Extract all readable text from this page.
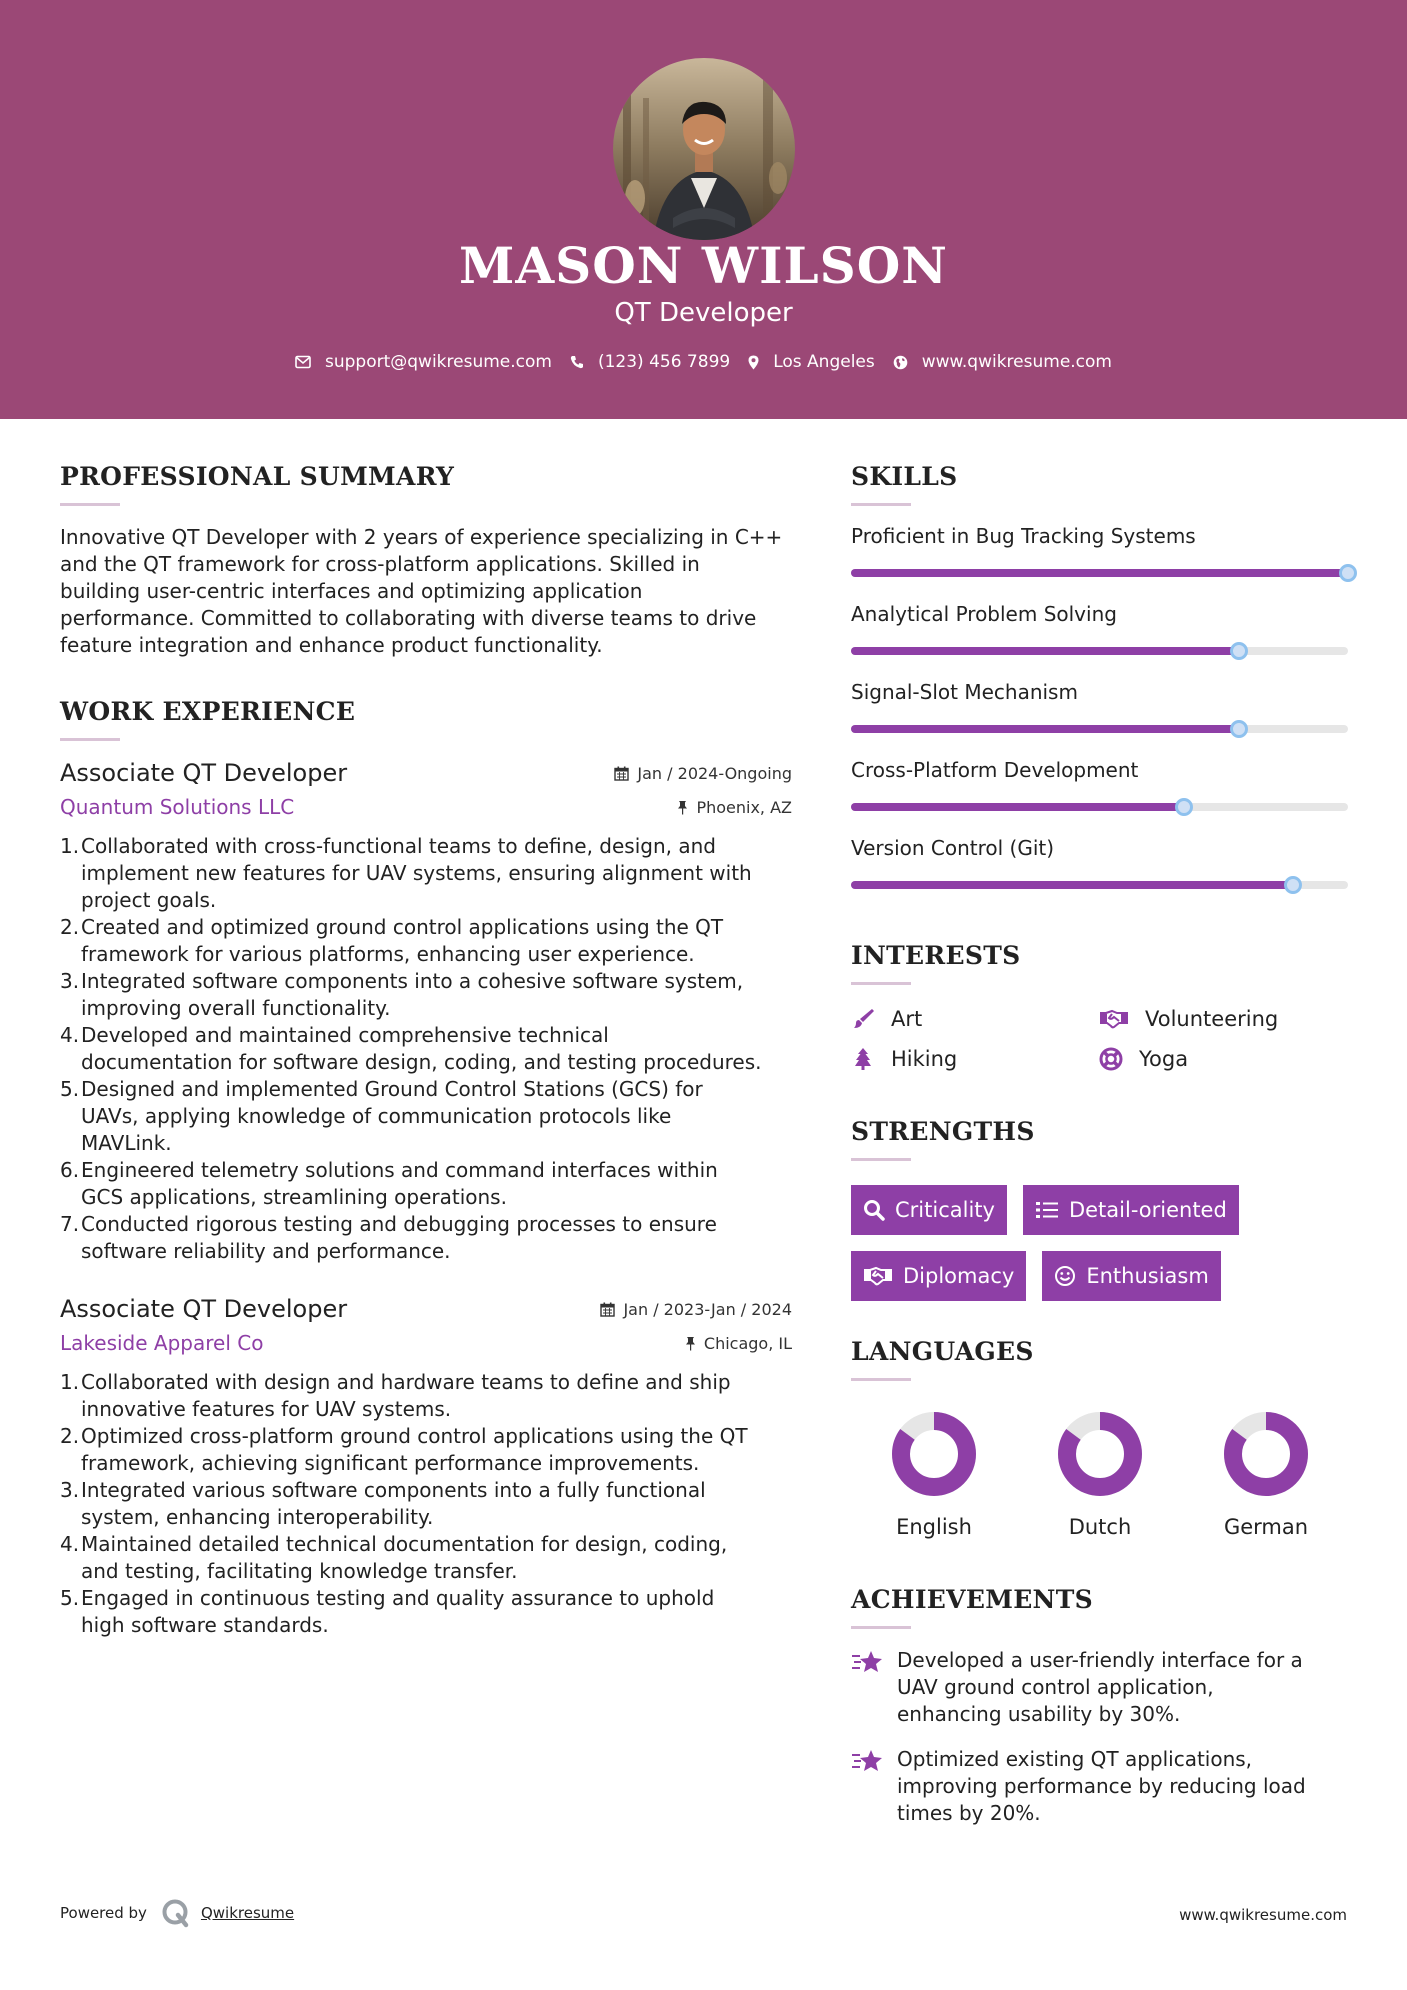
MASON WILSON
QT Developer
support@qwikresume.com	(123) 456 7899	Los Angeles	www.qwikresume.com
PROFESSIONAL SUMMARY
Innovative QT Developer with 2 years of experience specializing in C++
and the QT framework for cross-platform applications. Skilled in
building user-centric interfaces and optimizing application
performance. Committed to collaborating with diverse teams to drive
feature integration and enhance product functionality.
WORK EXPERIENCE
Associate QT Developer	Jan / 2024-Ongoing
Quantum Solutions LLC	Phoenix, AZ
1. Collaborated with cross-functional teams to define, design, and
implement new features for UAV systems, ensuring alignment with
project goals.
2. Created and optimized ground control applications using the QT
framework for various platforms, enhancing user experience.
3. Integrated software components into a cohesive software system,
improving overall functionality.
4. Developed and maintained comprehensive technical
documentation for software design, coding, and testing procedures.
5. Designed and implemented Ground Control Stations (GCS) for
UAVs, applying knowledge of communication protocols like
MAVLink.
6. Engineered telemetry solutions and command interfaces within
GCS applications, streamlining operations.
7. Conducted rigorous testing and debugging processes to ensure
software reliability and performance.
Associate QT Developer	Jan / 2023-Jan / 2024
Lakeside Apparel Co	Chicago, IL
1. Collaborated with design and hardware teams to define and ship
innovative features for UAV systems.
2. Optimized cross-platform ground control applications using the QT
framework, achieving significant performance improvements.
3. Integrated various software components into a fully functional
system, enhancing interoperability.
4. Maintained detailed technical documentation for design, coding,
and testing, facilitating knowledge transfer.
5. Engaged in continuous testing and quality assurance to uphold
high software standards.
SKILLS
Proficient in Bug Tracking Systems
Analytical Problem Solving
Signal-Slot Mechanism
Cross-Platform Development
Version Control (Git)
INTERESTS
Art	Volunteering
Hiking	Yoga
STRENGTHS
Criticality	Detail-oriented
Diplomacy	Enthusiasm
LANGUAGES
English	Dutch	German
ACHIEVEMENTS
Developed a user-friendly interface for a
UAV ground control application,
enhancing usability by 30%.
Optimized existing QT applications,
improving performance by reducing load
times by 20%.
Powered by	Qwikresume	www.qwikresume.com
